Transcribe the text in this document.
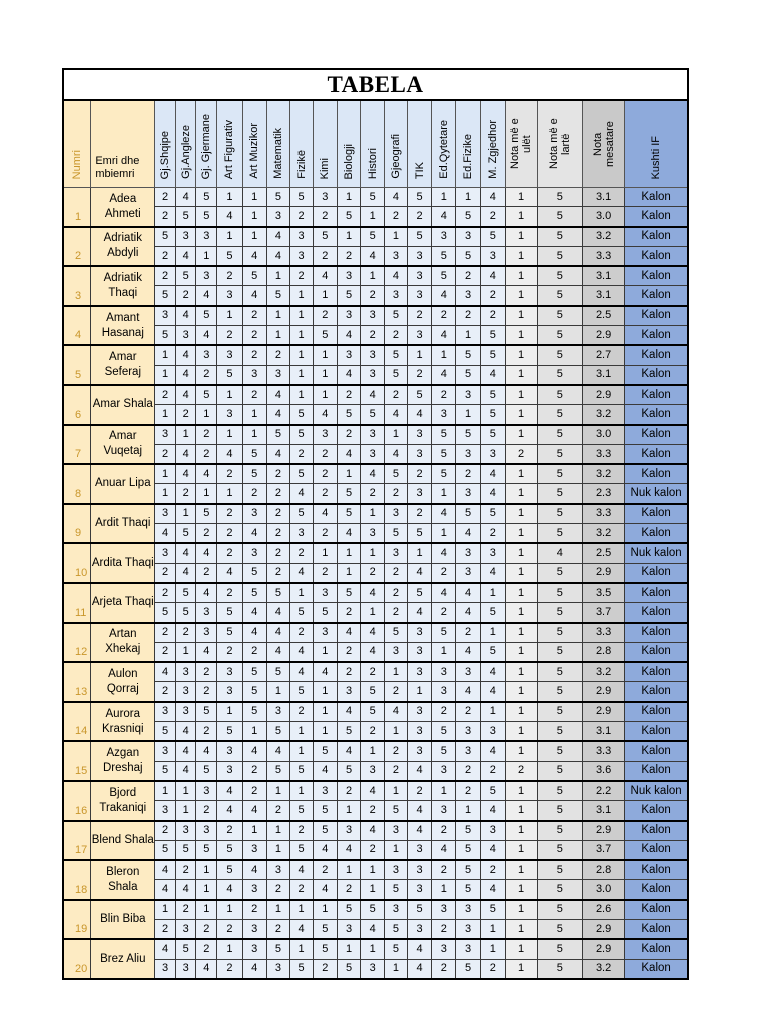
TABELA																				
Numri	Emri dhe mbiemri	Gj.Shqipe	Gj.Angleze	Gj. Gjermane	Art Figurativ	Art Muzikor	Matematik	Fizikë	Kimi	Biologji	Histori	Gjeografi	TIK	Ed.Qytetare	Ed.Fizike	M. Zgjedhor	Nota më e ulët	Nota më e lartë	Nota mesatare	Kushti IF
1	Adea Ahmeti	2	4	5	1	1	5	5	3	1	5	4	5	1	1	4	1	5	3.1	Kalon
		2	5	5	4	1	3	2	2	5	1	2	2	4	5	2	1	5	3.0	Kalon
2	Adriatik Abdyli	5	3	3	1	1	4	3	5	1	5	1	5	3	3	5	1	5	3.2	Kalon
		2	4	1	5	4	4	3	2	2	4	3	3	5	5	3	1	5	3.3	Kalon
3	Adriatik Thaqi	2	5	3	2	5	1	2	4	3	1	4	3	5	2	4	1	5	3.1	Kalon
		5	2	4	3	4	5	1	1	5	2	3	3	4	3	2	1	5	3.1	Kalon
4	Amant Hasanaj	3	4	5	1	2	1	1	2	3	3	5	2	2	2	2	1	5	2.5	Kalon
		5	3	4	2	2	1	1	5	4	2	2	3	4	1	5	1	5	2.9	Kalon
5	Amar Seferaj	1	4	3	3	2	2	1	1	3	3	5	1	1	5	5	1	5	2.7	Kalon
		1	4	2	5	3	3	1	1	4	3	5	2	4	5	4	1	5	3.1	Kalon
6	Amar Shala	2	4	5	1	2	4	1	1	2	4	2	5	2	3	5	1	5	2.9	Kalon
		1	2	1	3	1	4	5	4	5	5	4	4	3	1	5	1	5	3.2	Kalon
7	Amar Vuqetaj	3	1	2	1	1	5	5	3	2	3	1	3	5	5	5	1	5	3.0	Kalon
		2	4	2	4	5	4	2	2	4	3	4	3	5	3	3	2	5	3.3	Kalon
8	Anuar Lipa	1	4	4	2	5	2	5	2	1	4	5	2	5	2	4	1	5	3.2	Kalon
		1	2	1	1	2	2	4	2	5	2	2	3	1	3	4	1	5	2.3	Nuk kalon
9	Ardit Thaqi	3	1	5	2	3	2	5	4	5	1	3	2	4	5	5	1	5	3.3	Kalon
		4	5	2	2	4	2	3	2	4	3	5	5	1	4	2	1	5	3.2	Kalon
10	Ardita Thaqi	3	4	4	2	3	2	2	1	1	1	3	1	4	3	3	1	4	2.5	Nuk kalon
		2	4	2	4	5	2	4	2	1	2	2	4	2	3	4	1	5	2.9	Kalon
11	Arjeta Thaqi	2	5	4	2	5	5	1	3	5	4	2	5	4	4	1	1	5	3.5	Kalon
		5	5	3	5	4	4	5	5	2	1	2	4	2	4	5	1	5	3.7	Kalon
12	Artan Xhekaj	2	2	3	5	4	4	2	3	4	4	5	3	5	2	1	1	5	3.3	Kalon
		2	1	4	2	2	4	4	1	2	4	3	3	1	4	5	1	5	2.8	Kalon
13	Aulon Qorraj	4	3	2	3	5	5	4	4	2	2	1	3	3	3	4	1	5	3.2	Kalon
		2	3	2	3	5	1	5	1	3	5	2	1	3	4	4	1	5	2.9	Kalon
14	Aurora Krasniqi	3	3	5	1	5	3	2	1	4	5	4	3	2	2	1	1	5	2.9	Kalon
		5	4	2	5	1	5	1	1	5	2	1	3	5	3	3	1	5	3.1	Kalon
15	Azgan Dreshaj	3	4	4	3	4	4	1	5	4	1	2	3	5	3	4	1	5	3.3	Kalon
		5	4	5	3	2	5	5	4	5	3	2	4	3	2	2	2	5	3.6	Kalon
16	Bjord Trakaniqi	1	1	3	4	2	1	1	3	2	4	1	2	1	2	5	1	5	2.2	Nuk kalon
		3	1	2	4	4	2	5	5	1	2	5	4	3	1	4	1	5	3.1	Kalon
17	Blend Shala	2	3	3	2	1	1	2	5	3	4	3	4	2	5	3	1	5	2.9	Kalon
		5	5	5	5	3	1	5	4	4	2	1	3	4	5	4	1	5	3.7	Kalon
18	Bleron Shala	4	2	1	5	4	3	4	2	1	1	3	3	2	5	2	1	5	2.8	Kalon
		4	4	1	4	3	2	2	4	2	1	5	3	1	5	4	1	5	3.0	Kalon
19	Blin Biba	1	2	1	1	2	1	1	1	5	5	3	5	3	3	5	1	5	2.6	Kalon
		2	3	2	2	3	2	4	5	3	4	5	3	2	3	1	1	5	2.9	Kalon
20	Brez Aliu	4	5	2	1	3	5	1	5	1	1	5	4	3	3	1	1	5	2.9	Kalon
		3	3	4	2	4	3	5	2	5	3	1	4	2	5	2	1	5	3.2	Kalon
